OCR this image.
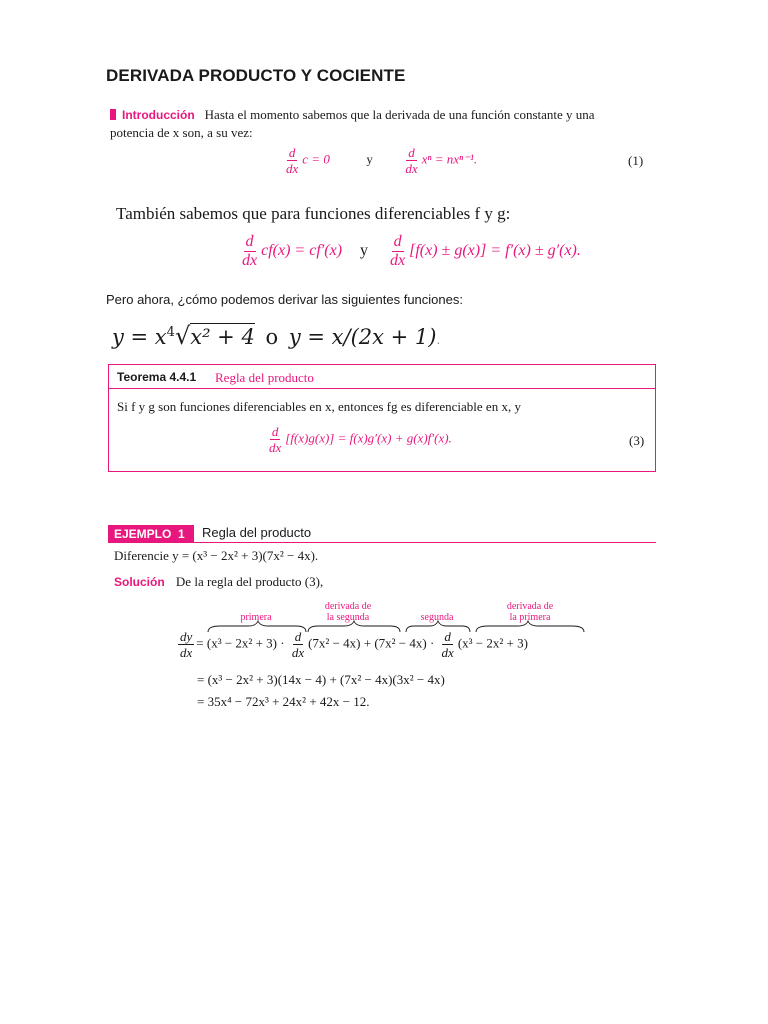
DERIVADA PRODUCTO Y COCIENTE
Introducción Hasta el momento sabemos que la derivada de una función constante y una
potencia de x son, a su vez:
$\frac{d}{dx}$ c = 0	y $\frac{d}{dx}$ xⁿ = nxⁿ⁻¹.	(1)
También sabemos que para funciones diferenciables f y g:
$\frac{d}{dx} cf(x) = cf'(x)$ y $\frac{d}{dx} [f(x) \pm g(x)] = f'(x) \pm g'(x)$.
Pero ahora, ¿cómo podemos derivar las siguientes funciones:
$y = x^4√x^2 + 4$ o y = x/(2x + 1).
Teorema 4.4.1 Regla del producto
Si f y g son funciones diferenciables en x, entonces fg es diferenciable en x, y
$\frac{d}{dx} [f(x)g(x)] = f(x)g'(x) + g(x)f'(x)$.	(3)
EJEMPLO 1	Regla del producto
Diferencie y = (x³ − 2x² + 3)(7x² − 4x).
Solución De la regla del producto (3),
primera
derivada de
la segunda	segunda
derivada de
la primera
$\frac{dy}{dx} = (x^3 - 2x^2 + 3) \cdot \frac{d}{dx} (7x^2 - 4x) + (7x^2 - 4x) \cdot \frac{d}{dx} (x^3 - 2x^2 + 3)$
= (x³ − 2x² + 3)(14x − 4) + (7x² − 4x)(3x² − 4x)
= 35x⁴ − 72x³ + 24x² + 42x − 12.
